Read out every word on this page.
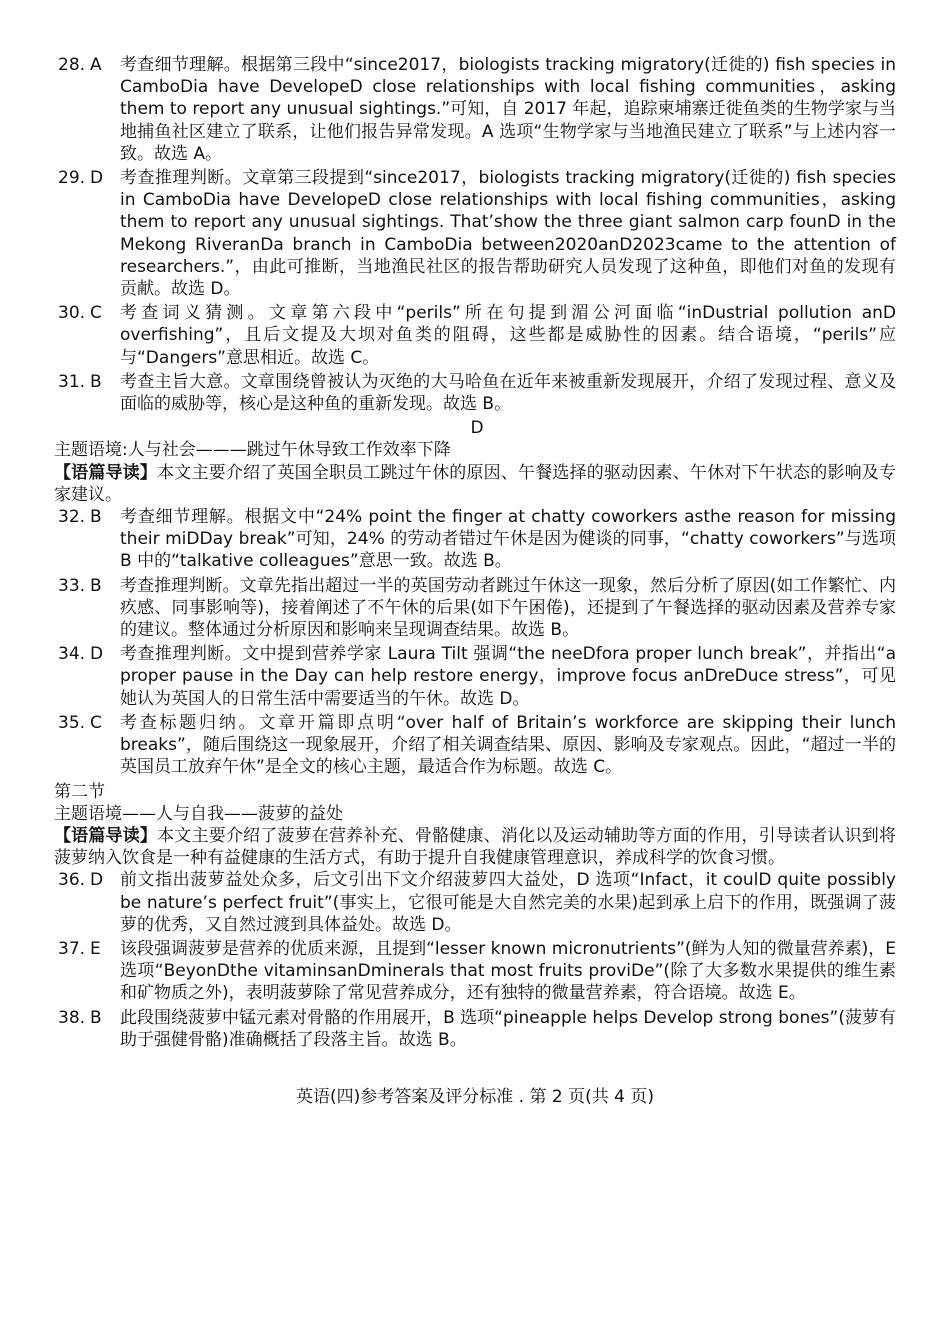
28. A	考查细节理解。根据第三段中“since2017，biologists tracking migratory(迁徙的) fish species in CamboDia have DevelopeD close relationships with local fishing communities，asking them to report any unusual sightings.”可知，自 2017 年起，追踪柬埔寨迁徙鱼类的生物学家与当地捕鱼社区建立了联系，让他们报告异常发现。A 选项“生物学家与当地渔民建立了联系”与上述内容一致。故选 A。
29. D 考查推理判断。文章第三段提到“since2017，biologists tracking migratory(迁徙的) fish species in CamboDia have DevelopeD close relationships with local fishing communities，asking them to report any unusual sightings. That’show the three giant salmon carp founD in the Mekong RiveranDa branch in CamboDia between2020anD2023came to the attention of researchers.”，由此可推断，当地渔民社区的报告帮助研究人员发现了这种鱼，即他们对鱼的发现有贡献。故选 D。
30. C	考查词义猜测。文章第六段中“perils”所在句提到湄公河面临“inDustrial pollution anD overfishing”，且后文提及大坝对鱼类的阻碍，这些都是威胁性的因素。结合语境，“perils”应与“Dangers”意思相近。故选 C。
31. B	考查主旨大意。文章围绕曾被认为灭绝的大马哈鱼在近年来被重新发现展开，介绍了发现过程、意义及面临的威胁等，核心是这种鱼的重新发现。故选 B。
D
主题语境:人与社会———跳过午休导致工作效率下降
【语篇导读】本文主要介绍了英国全职员工跳过午休的原因、午餐选择的驱动因素、午休对下午状态的影响及专家建议。
32. B	考查细节理解。根据文中“24% point the finger at chatty coworkers asthe reason for missing their miDDay break”可知，24% 的劳动者错过午休是因为健谈的同事，“chatty coworkers”与选项 B 中的“talkative colleagues”意思一致。故选 B。
33. B	考查推理判断。文章先指出超过一半的英国劳动者跳过午休这一现象，然后分析了原因(如工作繁忙、内疚感、同事影响等)，接着阐述了不午休的后果(如下午困倦)，还提到了午餐选择的驱动因素及营养专家的建议。整体通过分析原因和影响来呈现调查结果。故选 B。
34. D 考查推理判断。文中提到营养学家 Laura Tilt 强调“the neeDfora proper lunch break”，并指出“a proper pause in the Day can help restore energy，improve focus anDreDuce stress”，可见她认为英国人的日常生活中需要适当的午休。故选 D。
35. C	考查标题归纳。文章开篇即点明“over half of Britain’s workforce are skipping their lunch breaks”，随后围绕这一现象展开，介绍了相关调查结果、原因、影响及专家观点。因此，“超过一半的英国员工放弃午休”是全文的核心主题，最适合作为标题。故选 C。
第二节
主题语境——人与自我——菠萝的益处
【语篇导读】本文主要介绍了菠萝在营养补充、骨骼健康、消化以及运动辅助等方面的作用，引导读者认识到将菠萝纳入饮食是一种有益健康的生活方式，有助于提升自我健康管理意识，养成科学的饮食习惯。
36. D 前文指出菠萝益处众多，后文引出下文介绍菠萝四大益处，D 选项“Infact，it coulD quite possibly be nature’s perfect fruit”(事实上，它很可能是大自然完美的水果)起到承上启下的作用，既强调了菠萝的优秀，又自然过渡到具体益处。故选 D。
37. E	该段强调菠萝是营养的优质来源，且提到“lesser known micronutrients”(鲜为人知的微量营养素)，E 选项“BeyonDthe vitaminsanDminerals that most fruits proviDe”(除了大多数水果提供的维生素和矿物质之外)，表明菠萝除了常见营养成分，还有独特的微量营养素，符合语境。故选 E。
38. B	此段围绕菠萝中锰元素对骨骼的作用展开，B 选项“pineapple helps Develop strong bones”(菠萝有助于强健骨骼)准确概括了段落主旨。故选 B。
英语(四)参考答案及评分标准 . 第 2 页(共 4 页)
